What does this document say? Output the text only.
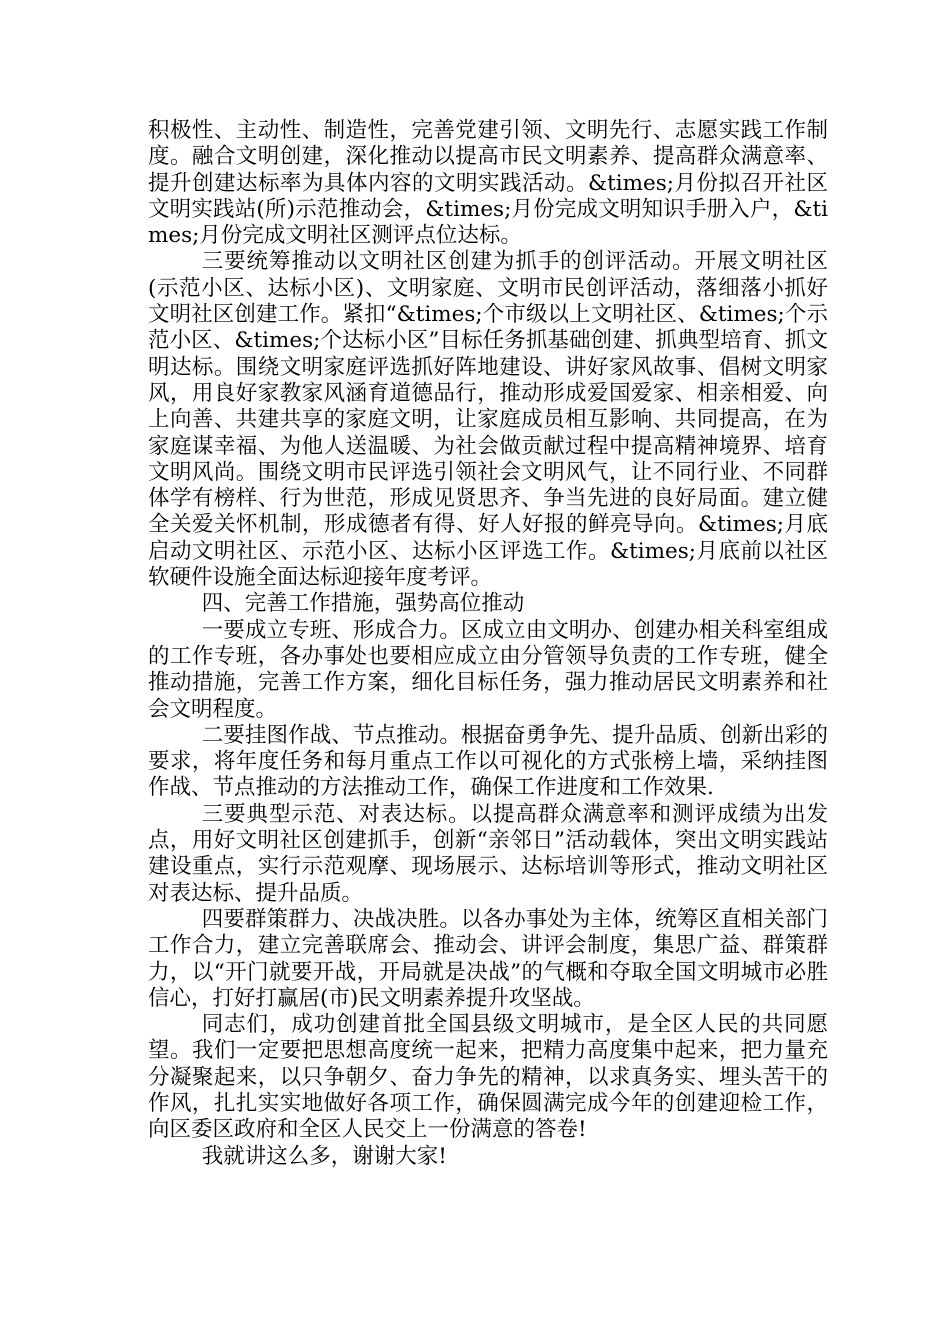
积极性、主动性、制造性，完善党建引领、文明先行、志愿实践工作制度。融合文明创建，深化推动以提高市民文明素养、提高群众满意率、提升创建达标率为具体内容的文明实践活动。&times;月份拟召开社区文明实践站(所)示范推动会，&times;月份完成文明知识手册入户，&times;月份完成文明社区测评点位达标。

三要统筹推动以文明社区创建为抓手的创评活动。开展文明社区(示范小区、达标小区)、文明家庭、文明市民创评活动，落细落小抓好文明社区创建工作。紧扣“&times;个市级以上文明社区、&times;个示范小区、&times;个达标小区”目标任务抓基础创建、抓典型培育、抓文明达标。围绕文明家庭评选抓好阵地建设、讲好家风故事、倡树文明家风，用良好家教家风涵育道德品行，推动形成爱国爱家、相亲相爱、向上向善、共建共享的家庭文明，让家庭成员相互影响、共同提高，在为家庭谋幸福、为他人送温暖、为社会做贡献过程中提高精神境界、培育文明风尚。围绕文明市民评选引领社会文明风气，让不同行业、不同群体学有榜样、行为世范，形成见贤思齐、争当先进的良好局面。建立健全关爱关怀机制，形成德者有得、好人好报的鲜亮导向。&times;月底启动文明社区、示范小区、达标小区评选工作。&times;月底前以社区软硬件设施全面达标迎接年度考评。

四、完善工作措施，强势高位推动

一要成立专班、形成合力。区成立由文明办、创建办相关科室组成的工作专班，各办事处也要相应成立由分管领导负责的工作专班，健全推动措施，完善工作方案，细化目标任务，强力推动居民文明素养和社会文明程度。

二要挂图作战、节点推动。根据奋勇争先、提升品质、创新出彩的要求，将年度任务和每月重点工作以可视化的方式张榜上墙，采纳挂图作战、节点推动的方法推动工作，确保工作进度和工作效果.

三要典型示范、对表达标。以提高群众满意率和测评成绩为出发点，用好文明社区创建抓手，创新“亲邻日”活动载体，突出文明实践站建设重点，实行示范观摩、现场展示、达标培训等形式，推动文明社区对表达标、提升品质。

四要群策群力、决战决胜。以各办事处为主体，统筹区直相关部门工作合力，建立完善联席会、推动会、讲评会制度，集思广益、群策群力，以“开门就要开战，开局就是决战”的气概和夺取全国文明城市必胜信心，打好打赢居(市)民文明素养提升攻坚战。

同志们，成功创建首批全国县级文明城市，是全区人民的共同愿望。我们一定要把思想高度统一起来，把精力高度集中起来，把力量充分凝聚起来，以只争朝夕、奋力争先的精神，以求真务实、埋头苦干的作风，扎扎实实地做好各项工作，确保圆满完成今年的创建迎检工作，向区委区政府和全区人民交上一份满意的答卷!

我就讲这么多，谢谢大家!
